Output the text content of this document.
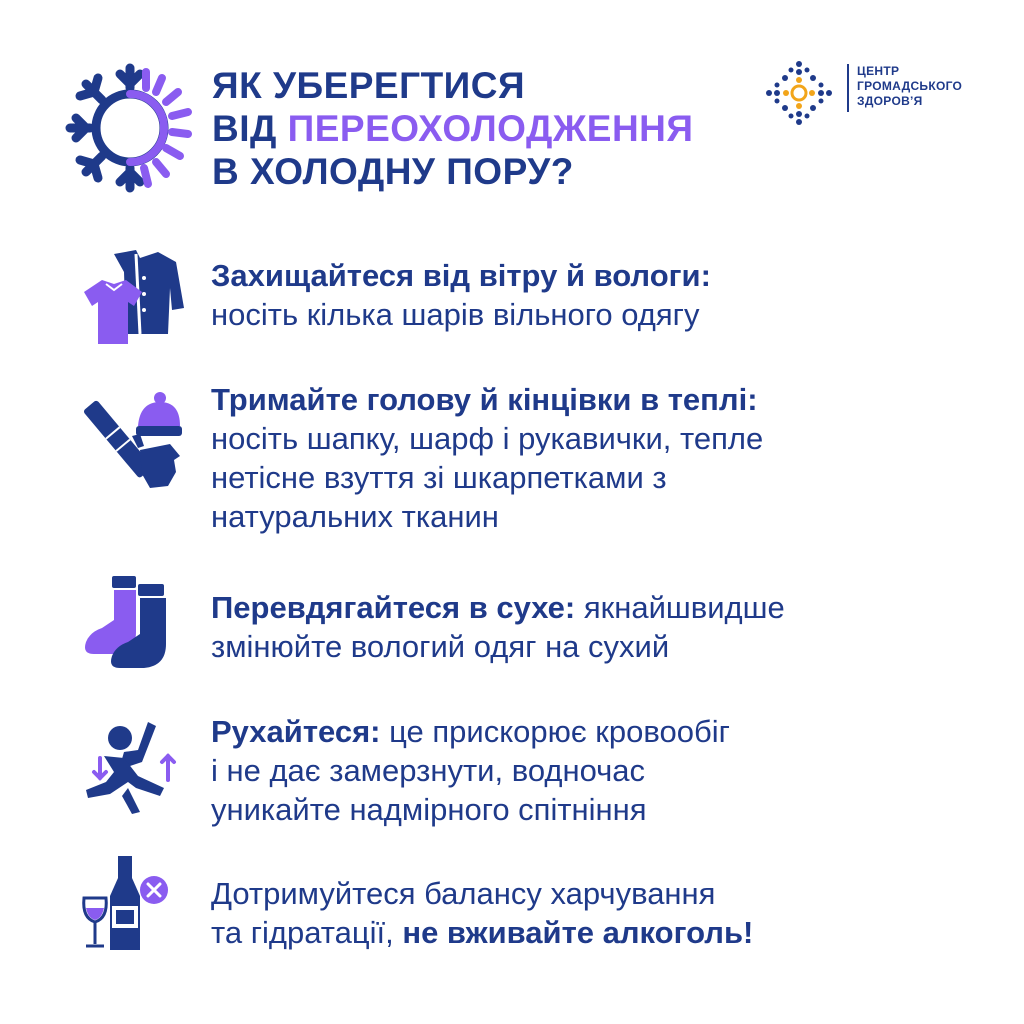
ЯК УБЕРЕГТИСЯ
ВІД ПЕРЕОХОЛОДЖЕННЯ
В ХОЛОДНУ ПОРУ?
ЦЕНТР
ГРОМАДСЬКОГО
ЗДОРОВ’Я
Захищайтеся від вітру й вологи:
носіть кілька шарів вільного одягу
Тримайте голову й кінцівки в теплі:
носіть шапку, шарф і рукавички, тепле
нетісне взуття зі шкарпетками з
натуральних тканин
Перевдягайтеся в сухе: якнайшвидше
змінюйте вологий одяг на сухий
Рухайтеся: це прискорює кровообіг
і не дає замерзнути, водночас
уникайте надмірного спітніння
Дотримуйтеся балансу харчування
та гідратації, не вживайте алкоголь!
